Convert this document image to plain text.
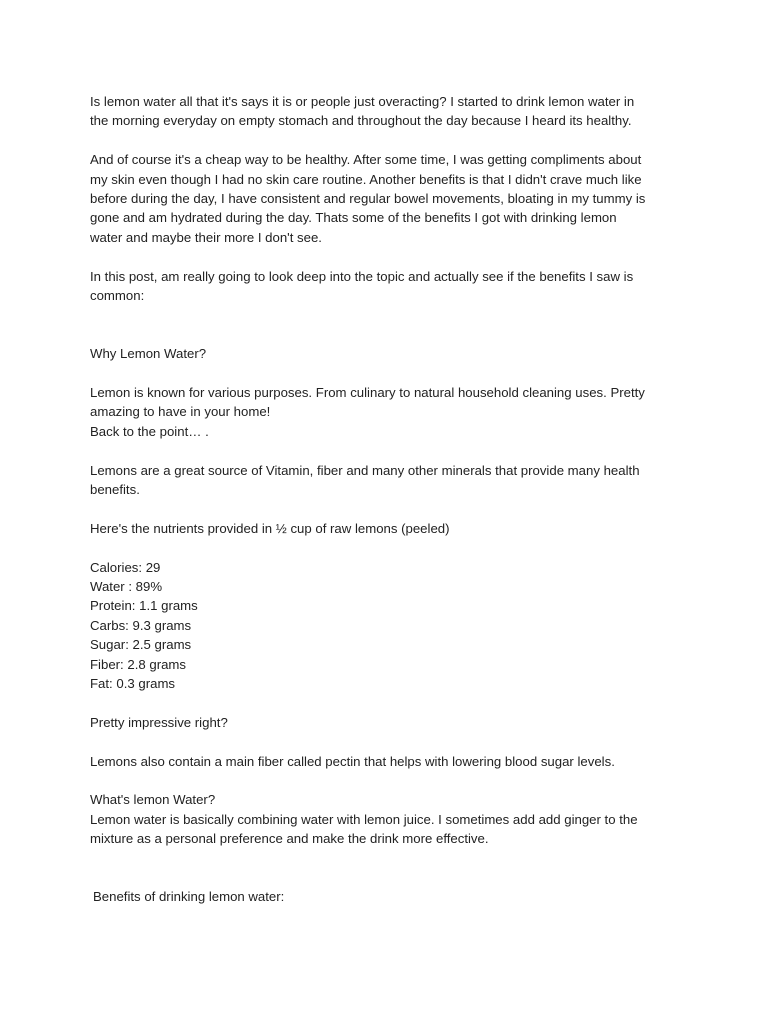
Is lemon water all that it's says it is or people just overacting? I started to drink lemon water in
the morning everyday on empty stomach and throughout the day because I heard its healthy.

And of course it's a cheap way to be healthy. After some time, I was getting compliments about
my skin even though I had no skin care routine. Another benefits is that I didn't crave much like
before during the day, I have consistent and regular bowel movements, bloating in my tummy is
gone and am hydrated during the day. Thats some of the benefits I got with drinking lemon
water and maybe their more I don't see.

In this post, am really going to look deep into the topic and actually see if the benefits I saw is
common:

Why Lemon Water?

Lemon is known for various purposes. From culinary to natural household cleaning uses. Pretty
amazing to have in your home!
Back to the point… .

Lemons are a great source of Vitamin, fiber and many other minerals that provide many health
benefits.

Here's the nutrients provided in ½ cup of raw lemons (peeled)

Calories: 29

Water : 89%

Protein: 1.1 grams

Carbs: 9.3 grams

Sugar: 2.5 grams

Fiber: 2.8 grams

Fat: 0.3 grams

Pretty impressive right?

Lemons also contain a main fiber called pectin that helps with lowering blood sugar levels.

What's lemon Water?

Lemon water is basically combining water with lemon juice. I sometimes add add ginger to the
mixture as a personal preference and make the drink more effective.

Benefits of drinking lemon water:
